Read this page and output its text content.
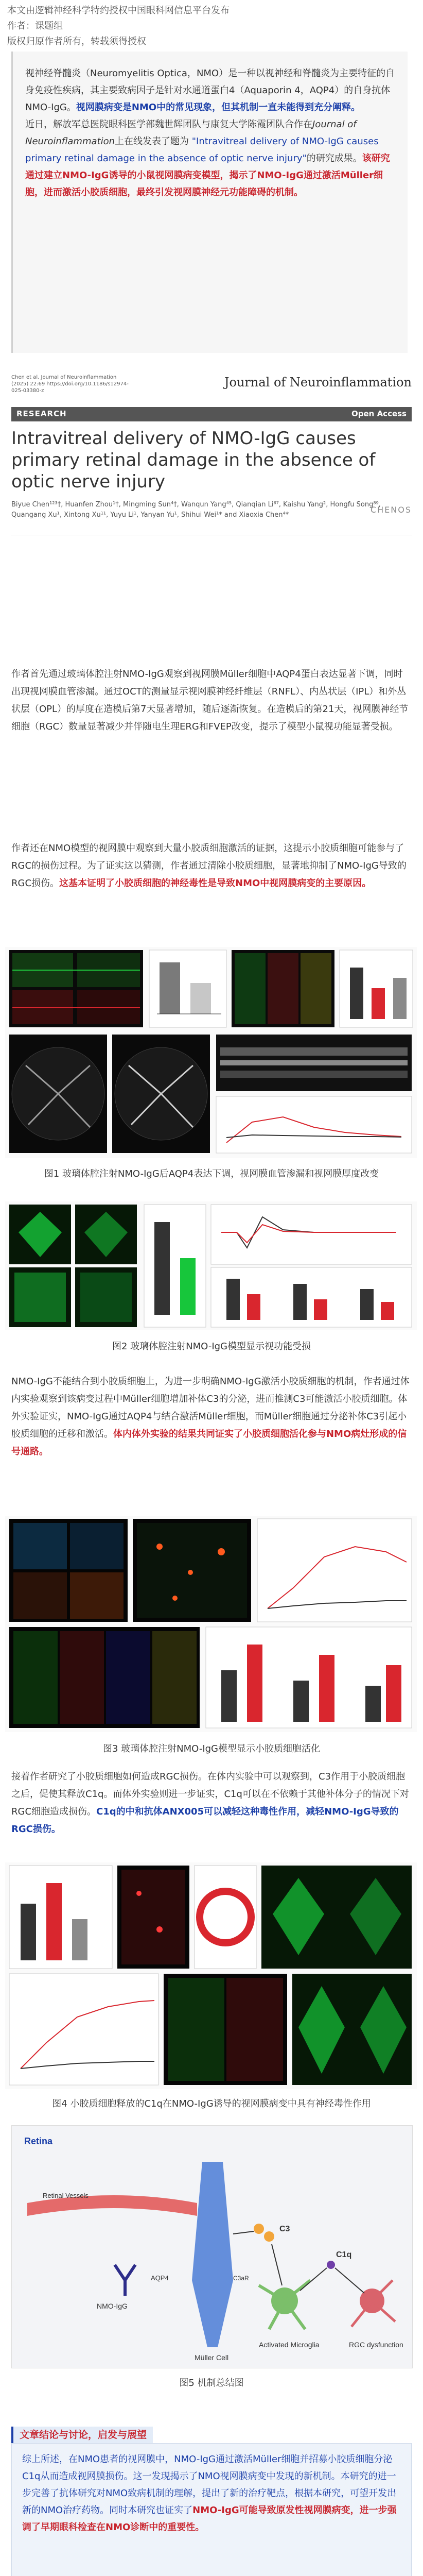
本文由逻辑神经科学特约授权中国眼科网信息平台发布
作者：课题组
版权归原作者所有，转载须得授权
视神经脊髓炎（Neuromyelitis Optica，NMO）是一种以视神经和脊髓炎为主要特征的自身免疫性疾病，其主要致病因子是针对水通道蛋白4（Aquaporin 4，AQP4）的自身抗体NMO-IgG。视网膜病变是NMO中的常见现象，但其机制一直未能得到充分阐释。
近日，解放军总医院眼科医学部魏世辉团队与康复大学陈霞团队合作在Journal of Neuroinflammation上在线发表了题为 "Intravitreal delivery of NMO-IgG causes primary retinal damage in the absence of optic nerve injury"的研究成果。该研究通过建立NMO-IgG诱导的小鼠视网膜病变模型，揭示了NMO-IgG通过激活Müller细胞，进而激活小胶质细胞，最终引发视网膜神经元功能障碍的机制。
Chen et al. Journal of Neuroinflammation (2025) 22:69 https://doi.org/10.1186/s12974-025-03380-z
Journal of Neuroinflammation
RESEARCH	Open Access
Intravitreal delivery of NMO-IgG causes primary retinal damage in the absence of optic nerve injury
Biyue Chen¹²³†, Huanfen Zhou¹†, Mingming Sun⁴†, Wanqun Yang⁴⁵, Qianqian Li⁶⁷, Kaishu Yang², Hongfu Song⁸⁹, Quangang Xu¹, Xintong Xu¹¹, Yuyu Li¹, Yanyan Yu¹, Shihui Wei¹* and Xiaoxia Chen⁴*
CHENOS
作者首先通过玻璃体腔注射NMO-IgG观察到视网膜Müller细胞中AQP4蛋白表达显著下调，同时出现视网膜血管渗漏。通过OCT的测量显示视网膜神经纤维层（RNFL）、内丛状层（IPL）和外丛状层（OPL）的厚度在造模后第7天显著增加，随后逐渐恢复。在造模后的第21天，视网膜神经节细胞（RGC）数量显著减少并伴随电生理ERG和FVEP改变，提示了模型小鼠视功能显著受损。
作者还在NMO模型的视网膜中观察到大量小胶质细胞激活的证据，这提示小胶质细胞可能参与了RGC的损伤过程。为了证实这以猜测，作者通过清除小胶质细胞，显著地抑制了NMO-IgG导致的RGC损伤。这基本证明了小胶质细胞的神经毒性是导致NMO中视网膜病变的主要原因。
图1 玻璃体腔注射NMO-IgG后AQP4表达下调，视网膜血管渗漏和视网膜厚度改变
图2 玻璃体腔注射NMO-IgG模型显示视功能受损
NMO-IgG不能结合到小胶质细胞上，为进一步明确NMO-IgG激活小胶质细胞的机制，作者通过体内实验观察到该病变过程中Müller细胞增加补体C3的分泌，进而推测C3可能激活小胶质细胞。体外实验证实，NMO-IgG通过AQP4与结合激活Müller细胞，而Müller细胞通过分泌补体C3引起小胶质细胞的迁移和激活。体内体外实验的结果共同证实了小胶质细胞活化参与NMO病灶形成的信号通路。
图3 玻璃体腔注射NMO-IgG模型显示小胶质细胞活化
接着作者研究了小胶质细胞如何造成RGC损伤。在体内实验中可以观察到，C3作用于小胶质细胞之后，促使其释放C1q。而体外实验则进一步证实，C1q可以在不依赖于其他补体分子的情况下对RGC细胞造成损伤。C1q的中和抗体ANX005可以减轻这种毒性作用，减轻NMO-IgG导致的RGC损伤。
图4 小胶质细胞释放的C1q在NMO-IgG诱导的视网膜病变中具有神经毒性作用
Retina
Retinal Vessels
Müller Cell
NMO-IgG
AQP4
C3
C3aR
Activated Microglia
C1q
RGC dysfunction
图5 机制总结图
文章结论与讨论，启发与展望
综上所述，在NMO患者的视网膜中，NMO-IgG通过激活Müller细胞并招募小胶质细胞分泌C1q从而造成视网膜损伤。这一发现揭示了NMO视网膜病变中发现的新机制。本研究的进一步完善了抗体研究对NMO致病机制的理解，提出了新的治疗靶点，根据本研究，可望开发出新的NMO治疗药物。同时本研究也证实了NMO-IgG可能导致原发性视网膜病变，进一步强调了早期眼科检查在NMO诊断中的重要性。
